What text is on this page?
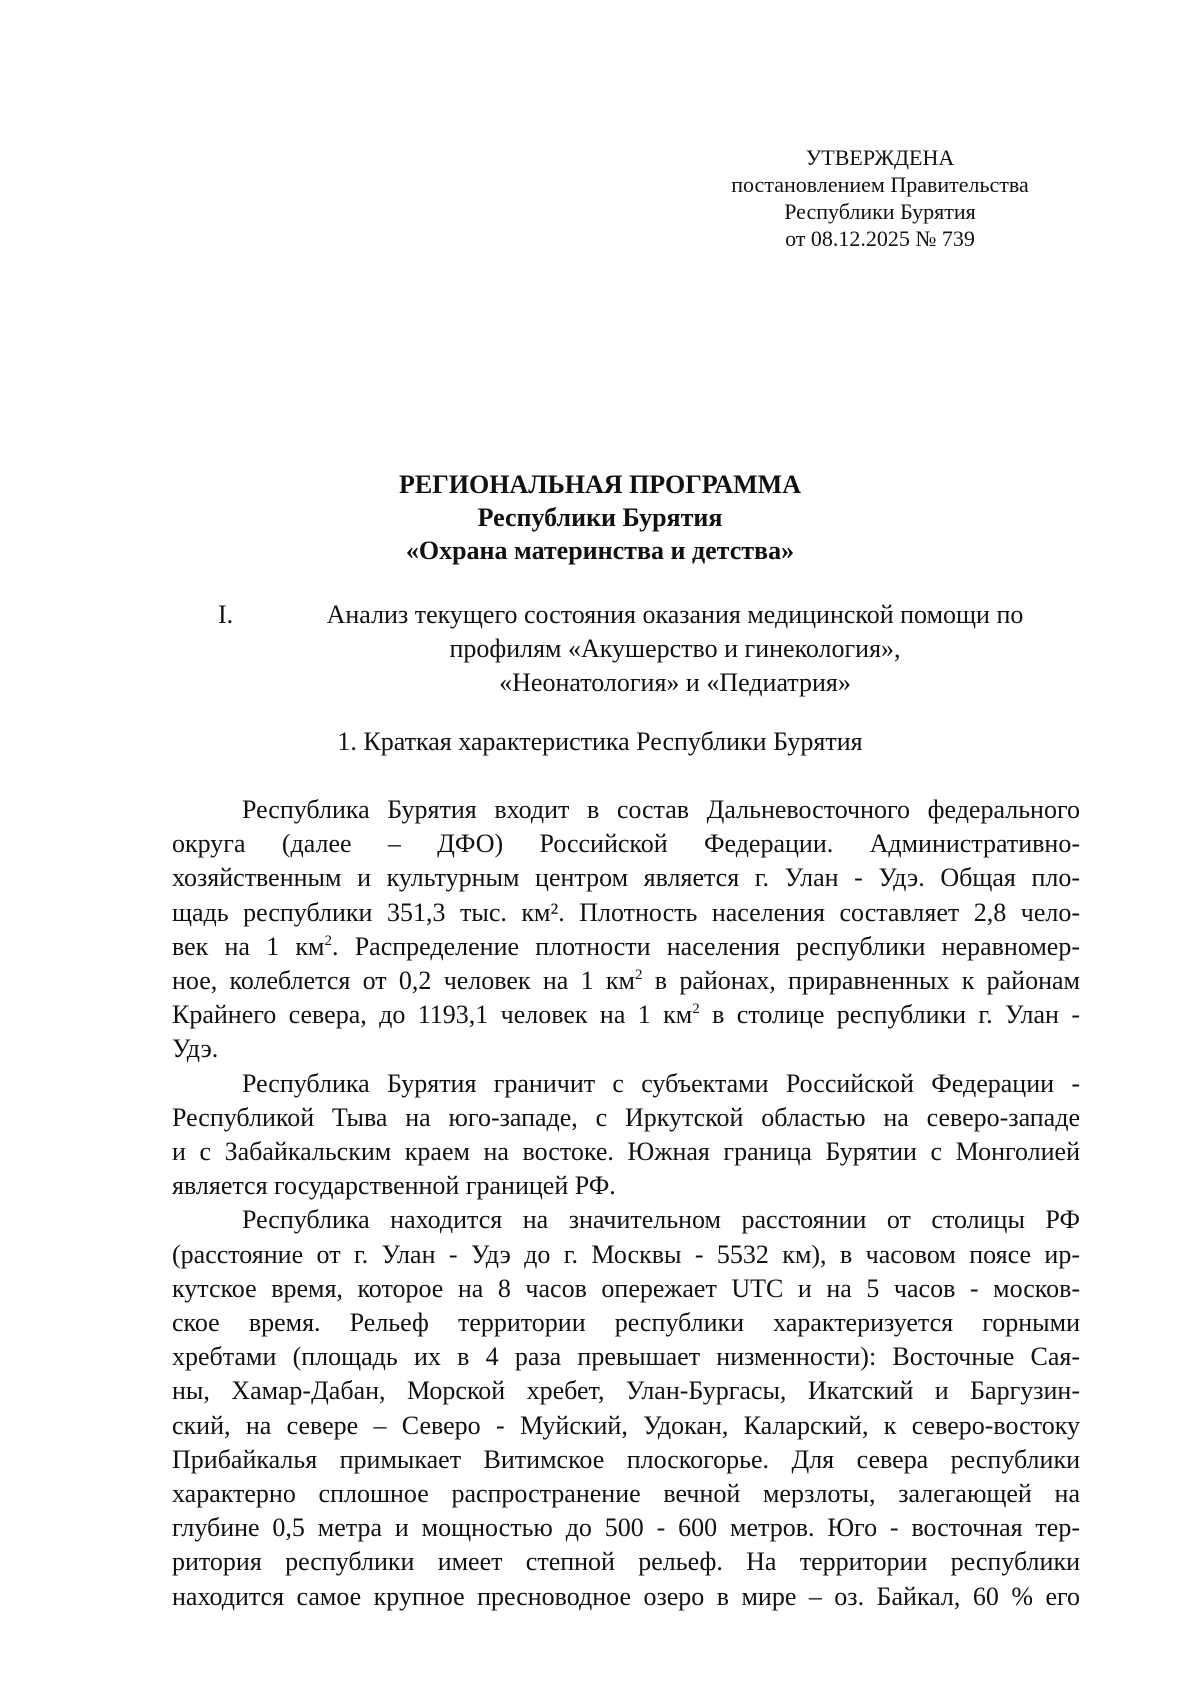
УТВЕРЖДЕНА
постановлением Правительства
Республики Бурятия
от 08.12.2025 № 739
РЕГИОНАЛЬНАЯ ПРОГРАММА
Республики Бурятия
«Охрана материнства и детства»
I.	Анализ текущего состояния оказания медицинской помощи по
профилям «Акушерство и гинекология»,
«Неонатология» и «Педиатрия»
1. Краткая характеристика Республики Бурятия
Республика Бурятия входит в состав Дальневосточного федерального
округа (далее – ДФО) Российской Федерации. Административно-
хозяйственным и культурным центром является г. Улан - Удэ. Общая пло-
щадь республики 351,3 тыс. км². Плотность населения составляет 2,8 чело-
век на 1 $км^2$. Распределение плотности населения республики неравномер-
ное, колеблется от 0,2 человек на 1 $км^2$ в районах, приравненных к районам
Крайнего севера, до 1193,1 человек на 1 $км^2$ в столице республики г. Улан -
Удэ.
Республика Бурятия граничит с субъектами Российской Федерации -
Республикой Тыва на юго-западе, с Иркутской областью на северо-западе
и с Забайкальским краем на востоке. Южная граница Бурятии с Монголией
является государственной границей РФ.
Республика находится на значительном расстоянии от столицы РФ
(расстояние от г. Улан - Удэ до г. Москвы - 5532 км), в часовом поясе ир-
кутское время, которое на 8 часов опережает UTC и на 5 часов - москов-
ское время. Рельеф территории республики характеризуется горными
хребтами (площадь их в 4 раза превышает низменности): Восточные Сая-
ны, Хамар-Дабан, Морской хребет, Улан-Бургасы, Икатский и Баргузин-
ский, на севере – Северо - Муйский, Удокан, Каларский, к северо-востоку
Прибайкалья примыкает Витимское плоскогорье. Для севера республики
характерно сплошное распространение вечной мерзлоты, залегающей на
глубине 0,5 метра и мощностью до 500 - 600 метров. Юго - восточная тер-
ритория республики имеет степной рельеф. На территории республики
находится самое крупное пресноводное озеро в мире – оз. Байкал, 60 % его
